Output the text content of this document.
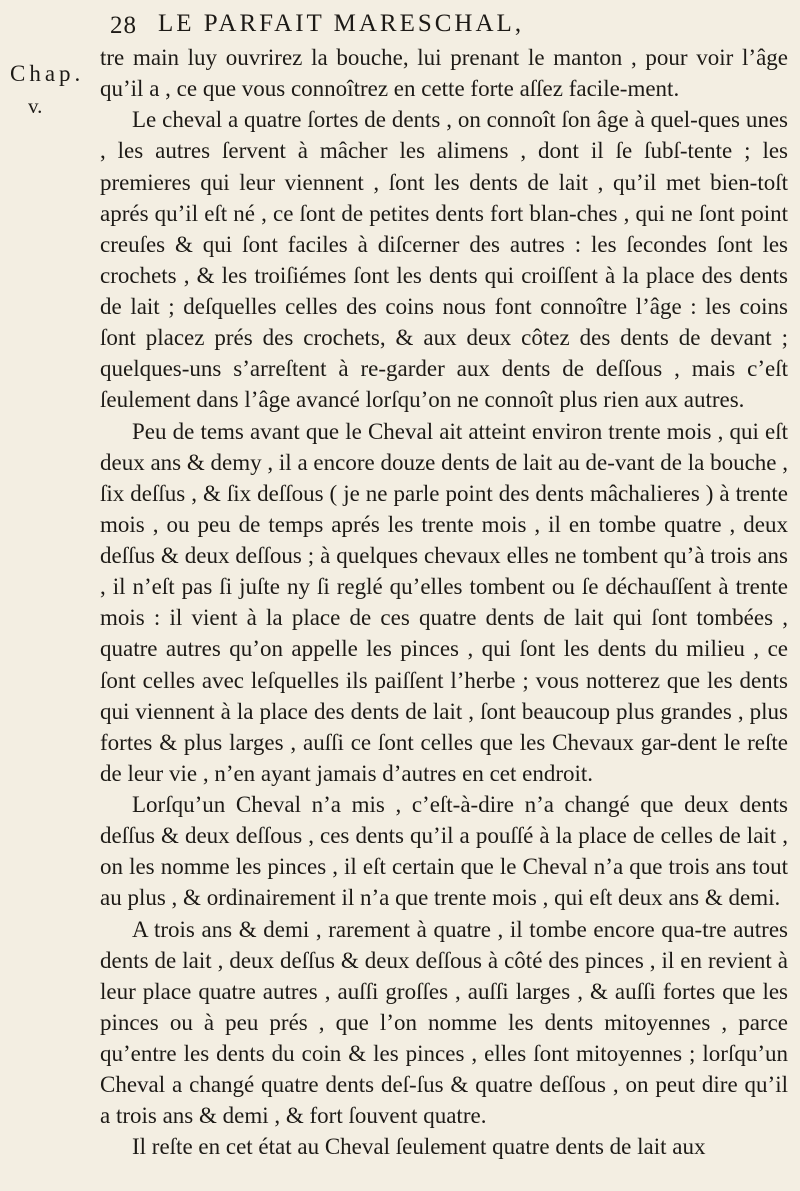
28 LE PARFAIT MARESCHAL,
Chap.
v.

tre main luy ouvrirez la bouche, lui prenant le manton , pour voir l’âge qu’il a , ce que vous connoîtrez en cette forte aſſez facile-ment.

Le cheval a quatre ſortes de dents , on connoît ſon âge à quel-ques unes , les autres ſervent à mâcher les alimens , dont il ſe ſubſ-tente ; les premieres qui leur viennent , ſont les dents de lait , qu’il met bien-toſt aprés qu’il eſt né , ce ſont de petites dents fort blan-ches , qui ne ſont point creuſes & qui ſont faciles à diſcerner des autres : les ſecondes ſont les crochets , & les troiſiémes ſont les dents qui croiſſent à la place des dents de lait ; deſquelles celles des coins nous font connoître l’âge : les coins ſont placez prés des crochets, & aux deux côtez des dents de devant ; quelques-uns s’arreſtent à re-garder aux dents de deſſous , mais c’eſt ſeulement dans l’âge avancé lorſqu’on ne connoît plus rien aux autres.

Peu de tems avant que le Cheval ait atteint environ trente mois , qui eſt deux ans & demy , il a encore douze dents de lait au de-vant de la bouche , ſix deſſus , & ſix deſſous ( je ne parle point des dents mâchalieres ) à trente mois , ou peu de temps aprés les trente mois , il en tombe quatre , deux deſſus & deux deſſous ; à quelques chevaux elles ne tombent qu’à trois ans , il n’eſt pas ſi juſte ny ſi reglé qu’elles tombent ou ſe déchauſſent à trente mois : il vient à la place de ces quatre dents de lait qui ſont tombées , quatre autres qu’on appelle les pinces , qui ſont les dents du milieu , ce ſont celles avec leſquelles ils paiſſent l’herbe ; vous notterez que les dents qui viennent à la place des dents de lait , ſont beaucoup plus grandes , plus fortes & plus larges , auſſi ce ſont celles que les Chevaux gar-dent le reſte de leur vie , n’en ayant jamais d’autres en cet endroit.

Lorſqu’un Cheval n’a mis , c’eſt-à-dire n’a changé que deux dents deſſus & deux deſſous , ces dents qu’il a pouſſé à la place de celles de lait , on les nomme les pinces , il eſt certain que le Cheval n’a que trois ans tout au plus , & ordinairement il n’a que trente mois , qui eſt deux ans & demi.

A trois ans & demi , rarement à quatre , il tombe encore qua-tre autres dents de lait , deux deſſus & deux deſſous à côté des pinces , il en revient à leur place quatre autres , auſſi groſſes , auſſi larges , & auſſi fortes que les pinces ou à peu prés , que l’on nomme les dents mitoyennes , parce qu’entre les dents du coin & les pinces , elles ſont mitoyennes ; lorſqu’un Cheval a changé quatre dents deſ-ſus & quatre deſſous , on peut dire qu’il a trois ans & demi , & fort ſouvent quatre.

Il reſte en cet état au Cheval ſeulement quatre dents de lait aux
